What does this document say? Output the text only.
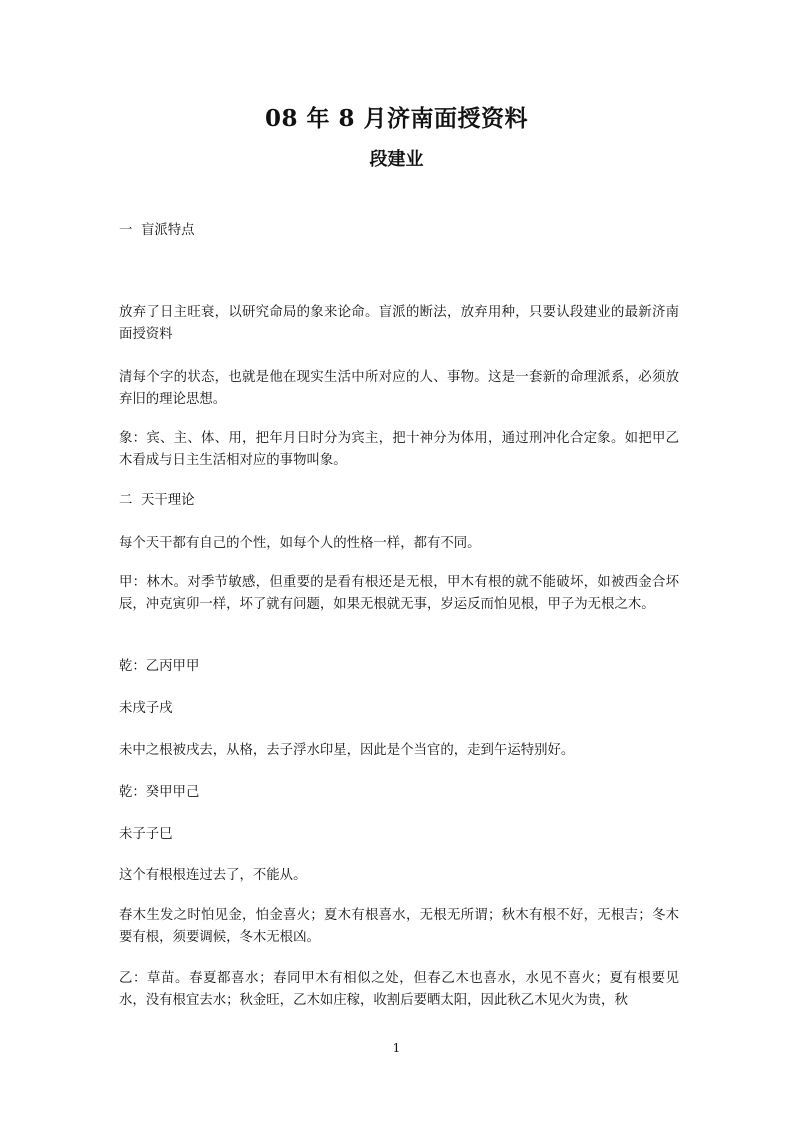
08 年 8 月济南面授资料
段建业
一 盲派特点

放弃了日主旺衰，以研究命局的象来论命。盲派的断法，放弃用种，只要认段建业的最新济南面授资料

清每个字的状态，也就是他在现实生活中所对应的人、事物。这是一套新的命理派系，必须放弃旧的理论思想。

象：宾、主、体、用，把年月日时分为宾主，把十神分为体用，通过刑冲化合定象。如把甲乙木看成与日主生活相对应的事物叫象。

二 天干理论

每个天干都有自己的个性，如每个人的性格一样，都有不同。

甲：林木。对季节敏感，但重要的是看有根还是无根，甲木有根的就不能破坏，如被西金合坏辰，冲克寅卯一样，坏了就有问题，如果无根就无事，岁运反而怕见根，甲子为无根之木。

乾：乙丙甲甲

未戌子戌

未中之根被戌去，从格，去子浮水印星，因此是个当官的，走到午运特别好。

乾：癸甲甲己

未子子巳

这个有根根连过去了，不能从。

春木生发之时怕见金，怕金喜火；夏木有根喜水，无根无所谓；秋木有根不好，无根吉；冬木要有根，须要调候，冬木无根凶。

乙：草苗。春夏都喜水；春同甲木有相似之处，但春乙木也喜水，水见不喜火；夏有根要见水，没有根宜去水；秋金旺，乙木如庄稼，收割后要晒太阳，因此秋乙木见火为贵，秋

1
